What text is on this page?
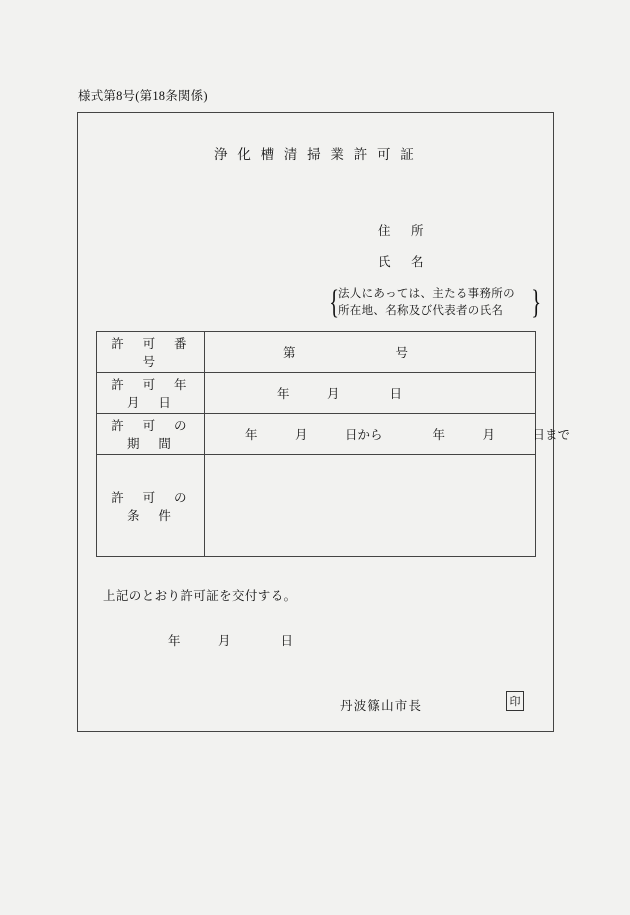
様式第8号(第18条関係)
浄 化 槽 清 掃 業 許 可 証
住　所
氏　名
{
法人にあっては、主たる事務所の
所在地、名称及び代表者の氏名 }
許　可　番　号	第　　　　　　　　号

許　可　年　月　日	年　　　月　　　　日

許　可　の　期　間	年　　　月　　　日から　　　　年　　　月　　　日まで

許　可　の　条　件	
上記のとおり許可証を交付する。
年　　　月　　　　日
丹波篠山市長	印
